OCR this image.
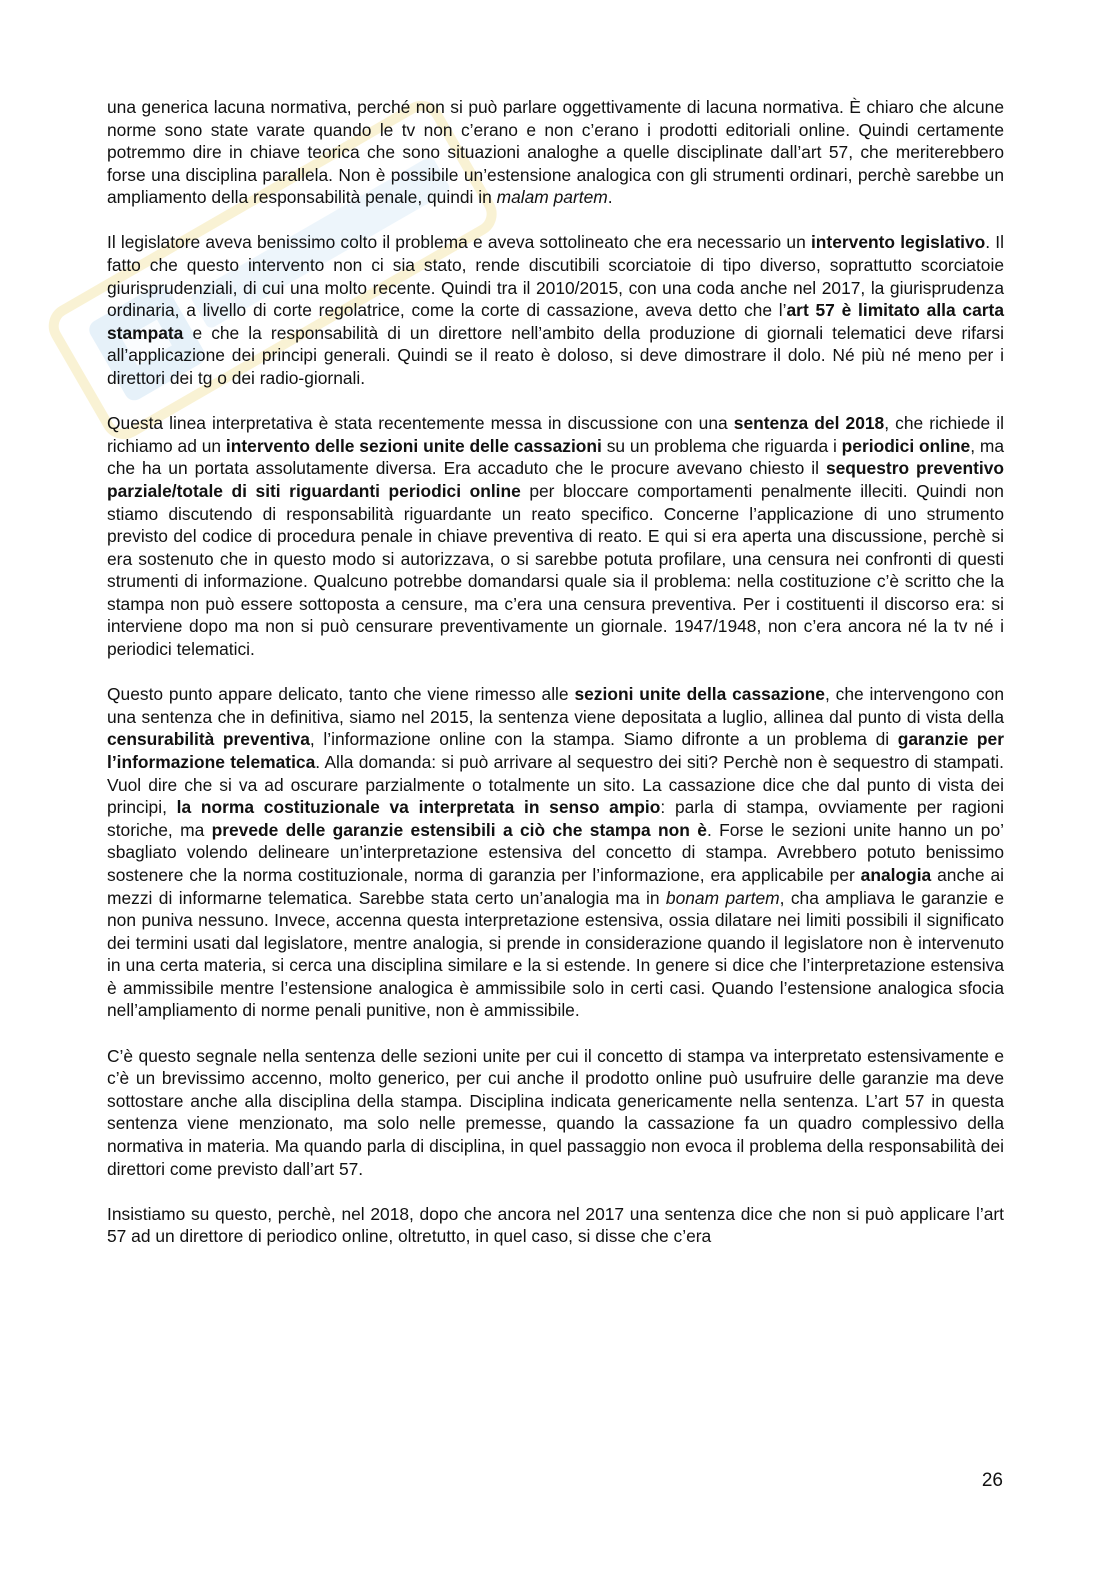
una generica lacuna normativa, perché non si può parlare oggettivamente di lacuna normativa. È chiaro che alcune norme sono state varate quando le tv non c’erano e non c’erano i prodotti editoriali online. Quindi certamente potremmo dire in chiave teorica che sono situazioni analoghe a quelle disciplinate dall’art 57, che meriterebbero forse una disciplina parallela. Non è possibile un’estensione analogica con gli strumenti ordinari, perchè sarebbe un ampliamento della responsabilità penale, quindi in malam partem.

Il legislatore aveva benissimo colto il problema e aveva sottolineato che era necessario un intervento legislativo. Il fatto che questo intervento non ci sia stato, rende discutibili scorciatoie di tipo diverso, soprattutto scorciatoie giurisprudenziali, di cui una molto recente. Quindi tra il 2010/2015, con una coda anche nel 2017, la giurisprudenza ordinaria, a livello di corte regolatrice, come la corte di cassazione, aveva detto che l’art 57 è limitato alla carta stampata e che la responsabilità di un direttore nell’ambito della produzione di giornali telematici deve rifarsi all’applicazione dei principi generali. Quindi se il reato è doloso, si deve dimostrare il dolo. Né più né meno per i direttori dei tg o dei radio-giornali.

Questa linea interpretativa è stata recentemente messa in discussione con una sentenza del 2018, che richiede il richiamo ad un intervento delle sezioni unite delle cassazioni su un problema che riguarda i periodici online, ma che ha un portata assolutamente diversa. Era accaduto che le procure avevano chiesto il sequestro preventivo parziale/totale di siti riguardanti periodici online per bloccare comportamenti penalmente illeciti. Quindi non stiamo discutendo di responsabilità riguardante un reato specifico. Concerne l’applicazione di uno strumento previsto del codice di procedura penale in chiave preventiva di reato. E qui si era aperta una discussione, perchè si era sostenuto che in questo modo si autorizzava, o si sarebbe potuta profilare, una censura nei confronti di questi strumenti di informazione. Qualcuno potrebbe domandarsi quale sia il problema: nella costituzione c’è scritto che la stampa non può essere sottoposta a censure, ma c’era una censura preventiva. Per i costituenti il discorso era: si interviene dopo ma non si può censurare preventivamente un giornale. 1947/1948, non c’era ancora né la tv né i periodici telematici.

Questo punto appare delicato, tanto che viene rimesso alle sezioni unite della cassazione, che intervengono con una sentenza che in definitiva, siamo nel 2015, la sentenza viene depositata a luglio, allinea dal punto di vista della censurabilità preventiva, l’informazione online con la stampa. Siamo difronte a un problema di garanzie per l’informazione telematica. Alla domanda: si può arrivare al sequestro dei siti? Perchè non è sequestro di stampati. Vuol dire che si va ad oscurare parzialmente o totalmente un sito. La cassazione dice che dal punto di vista dei principi, la norma costituzionale va interpretata in senso ampio: parla di stampa, ovviamente per ragioni storiche, ma prevede delle garanzie estensibili a ciò che stampa non è. Forse le sezioni unite hanno un po’ sbagliato volendo delineare un’interpretazione estensiva del concetto di stampa. Avrebbero potuto benissimo sostenere che la norma costituzionale, norma di garanzia per l’informazione, era applicabile per analogia anche ai mezzi di informarne telematica. Sarebbe stata certo un’analogia ma in bonam partem, cha ampliava le garanzie e non puniva nessuno. Invece, accenna questa interpretazione estensiva, ossia dilatare nei limiti possibili il significato dei termini usati dal legislatore, mentre analogia, si prende in considerazione quando il legislatore non è intervenuto in una certa materia, si cerca una disciplina similare e la si estende. In genere si dice che l’interpretazione estensiva è ammissibile mentre l’estensione analogica è ammissibile solo in certi casi. Quando l’estensione analogica sfocia nell’ampliamento di norme penali punitive, non è ammissibile.

C’è questo segnale nella sentenza delle sezioni unite per cui il concetto di stampa va interpretato estensivamente e c’è un brevissimo accenno, molto generico, per cui anche il prodotto online può usufruire delle garanzie ma deve sottostare anche alla disciplina della stampa. Disciplina indicata genericamente nella sentenza. L’art 57 in questa sentenza viene menzionato, ma solo nelle premesse, quando la cassazione fa un quadro complessivo della normativa in materia. Ma quando parla di disciplina, in quel passaggio non evoca il problema della responsabilità dei direttori come previsto dall’art 57.

Insistiamo su questo, perchè, nel 2018, dopo che ancora nel 2017 una sentenza dice che non si può applicare l’art 57 ad un direttore di periodico online, oltretutto, in quel caso, si disse che c’era

26
